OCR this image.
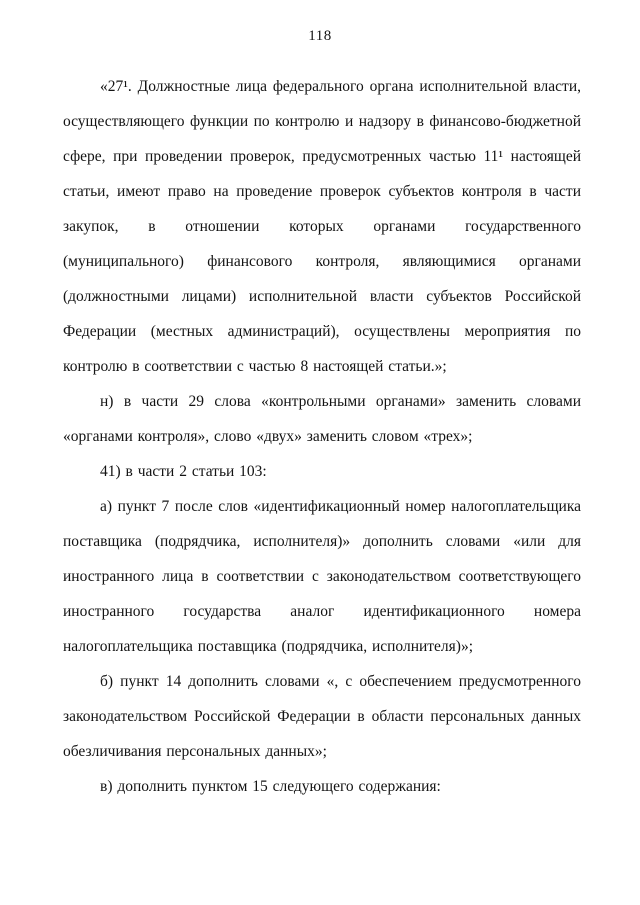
118

«27¹. Должностные лица федерального органа исполнительной власти, осуществляющего функции по контролю и надзору в финансово-бюджетной сфере, при проведении проверок, предусмотренных частью 11¹ настоящей статьи, имеют право на проведение проверок субъектов контроля в части закупок, в отношении которых органами государственного (муниципального) финансового контроля, являющимися органами (должностными лицами) исполнительной власти субъектов Российской Федерации (местных администраций), осуществлены мероприятия по контролю в соответствии с частью 8 настоящей статьи.»;

н) в части 29 слова «контрольными органами» заменить словами «органами контроля», слово «двух» заменить словом «трех»;

41) в части 2 статьи 103:

а) пункт 7 после слов «идентификационный номер налогоплательщика поставщика (подрядчика, исполнителя)» дополнить словами «или для иностранного лица в соответствии с законодательством соответствующего иностранного государства аналог идентификационного номера налогоплательщика поставщика (подрядчика, исполнителя)»;

б) пункт 14 дополнить словами «, с обеспечением предусмотренного законодательством Российской Федерации в области персональных данных обезличивания персональных данных»;

в) дополнить пунктом 15 следующего содержания:
